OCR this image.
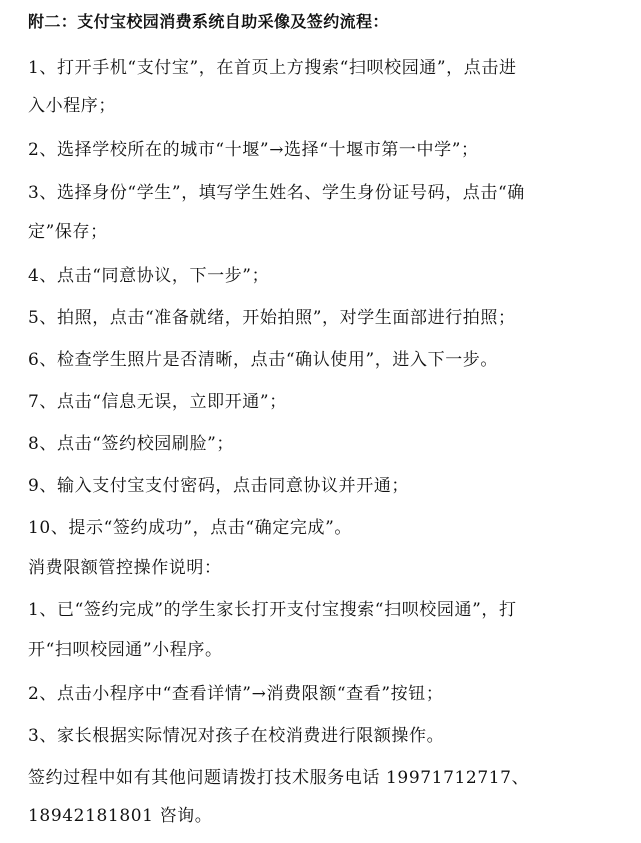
附二：支付宝校园消费系统自助采像及签约流程：
1、打开手机“支付宝”，在首页上方搜索“扫呗校园通”，点击进
入小程序；
2、选择学校所在的城市“十堰”→选择“十堰市第一中学”；
3、选择身份“学生”，填写学生姓名、学生身份证号码，点击“确
定”保存；
4、点击“同意协议，下一步”；
5、拍照，点击“准备就绪，开始拍照”，对学生面部进行拍照；
6、检查学生照片是否清晰，点击“确认使用”，进入下一步。
7、点击“信息无误，立即开通”；
8、点击“签约校园刷脸”；
9、输入支付宝支付密码，点击同意协议并开通；
10、提示“签约成功”，点击“确定完成”。
消费限额管控操作说明：
1、已“签约完成”的学生家长打开支付宝搜索“扫呗校园通”，打
开“扫呗校园通”小程序。
2、点击小程序中“查看详情”→消费限额“查看”按钮；
3、家长根据实际情况对孩子在校消费进行限额操作。
签约过程中如有其他问题请拨打技术服务电话 19971712717、
18942181801 咨询。
